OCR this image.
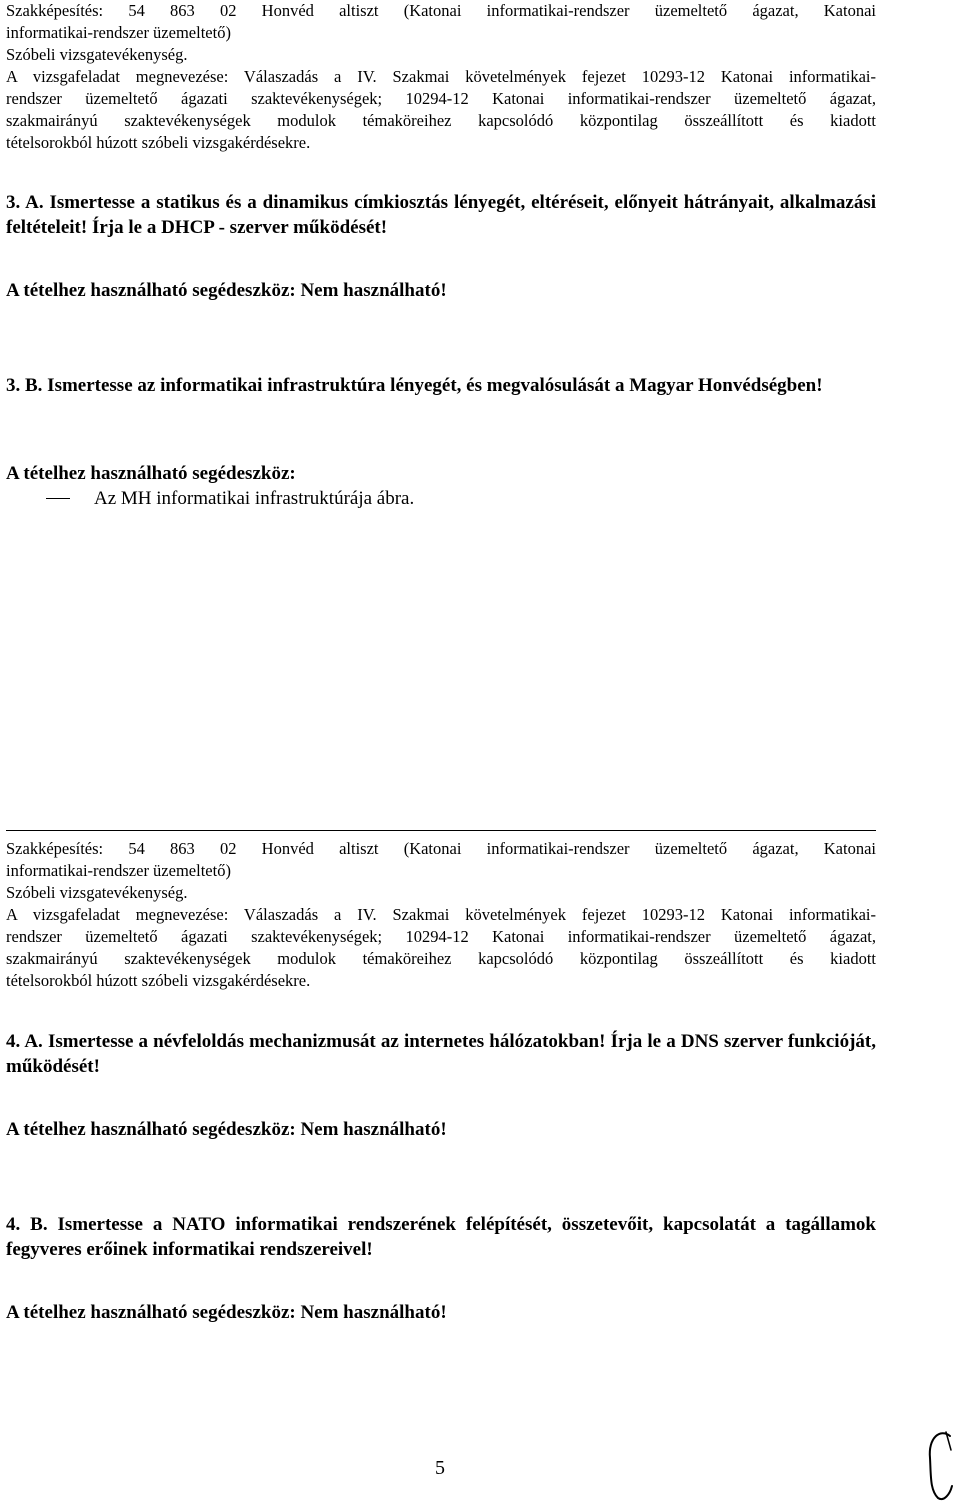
Szakképesítés: 54 863 02 Honvéd altiszt (Katonai informatikai-rendszer üzemeltető ágazat, Katonai

informatikai-rendszer üzemeltető)

Szóbeli vizsgatevékenység.

A vizsgafeladat megnevezése: Válaszadás a IV. Szakmai követelmények fejezet 10293-12 Katonai informatikai-

rendszer üzemeltető ágazati szaktevékenységek; 10294-12 Katonai informatikai-rendszer üzemeltető ágazat,

szakmairányú szaktevékenységek modulok témaköreihez kapcsolódó központilag összeállított és kiadott

tételsorokból húzott szóbeli vizsgakérdésekre.

3. A. Ismertesse a statikus és a dinamikus címkiosztás lényegét, eltéréseit, előnyeit hátrányait, alkalmazási feltételeit! Írja le a DHCP - szerver működését!

A tételhez használható segédeszköz: Nem használható!

3. B. Ismertesse az informatikai infrastruktúra lényegét, és megvalósulását a Magyar Honvédségben!

A tételhez használható segédeszköz:

Az MH informatikai infrastruktúrája ábra.

Szakképesítés: 54 863 02 Honvéd altiszt (Katonai informatikai-rendszer üzemeltető ágazat, Katonai

informatikai-rendszer üzemeltető)

Szóbeli vizsgatevékenység.

A vizsgafeladat megnevezése: Válaszadás a IV. Szakmai követelmények fejezet 10293-12 Katonai informatikai-

rendszer üzemeltető ágazati szaktevékenységek; 10294-12 Katonai informatikai-rendszer üzemeltető ágazat,

szakmairányú szaktevékenységek modulok témaköreihez kapcsolódó központilag összeállított és kiadott

tételsorokból húzott szóbeli vizsgakérdésekre.

4. A. Ismertesse a névfeloldás mechanizmusát az internetes hálózatokban! Írja le a DNS szerver funkcióját, működését!

A tételhez használható segédeszköz: Nem használható!

4. B. Ismertesse a NATO informatikai rendszerének felépítését, összetevőit, kapcsolatát a tagállamok fegyveres erőinek informatikai rendszereivel!

A tételhez használható segédeszköz: Nem használható!

5
